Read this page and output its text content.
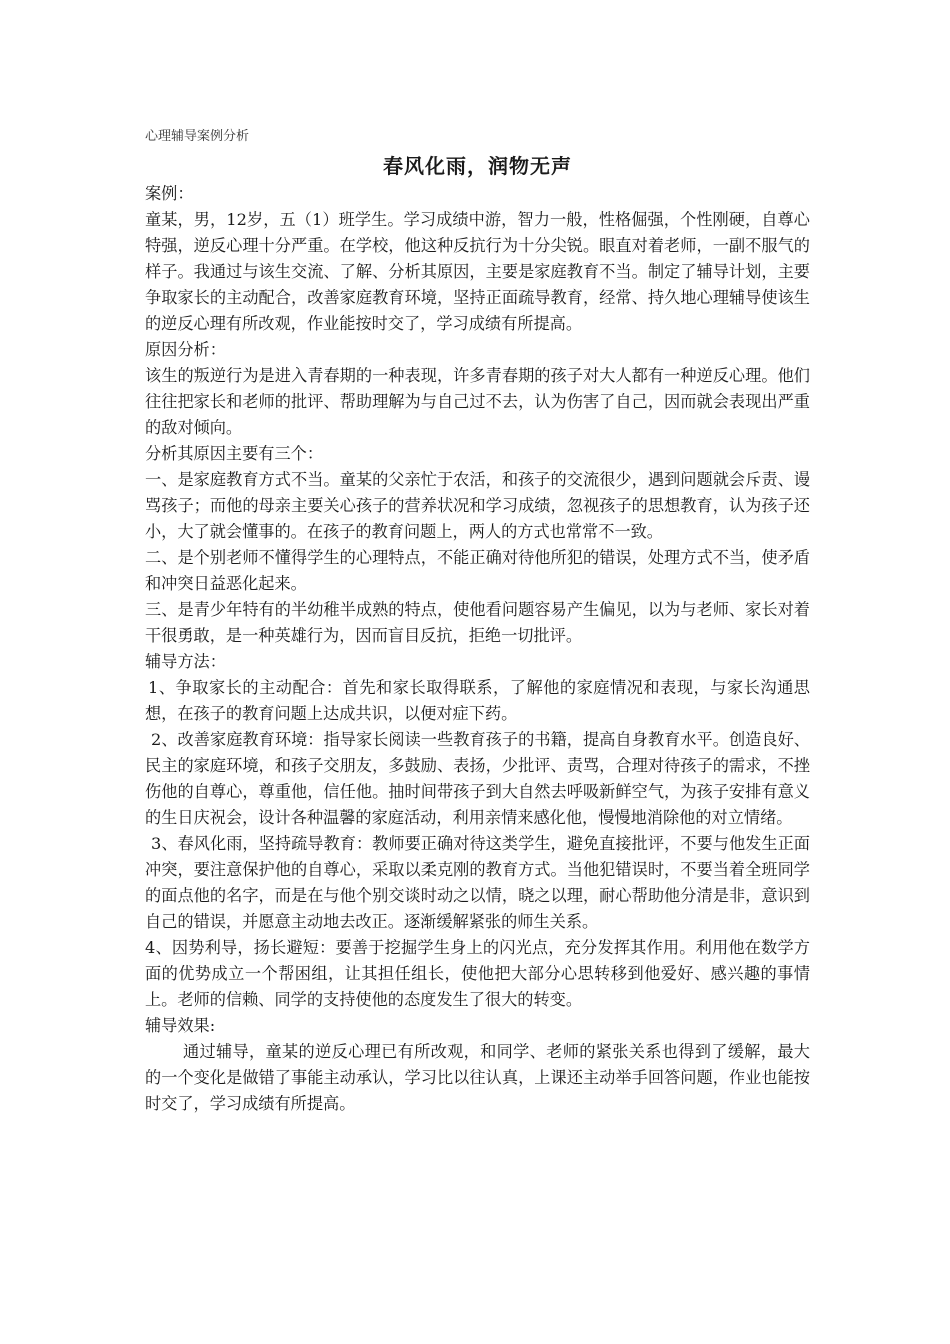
心理辅导案例分析

春风化雨，润物无声

案例：

童某，男，12岁，五（1）班学生。学习成绩中游，智力一般，性格倔强，个性刚硬，自尊心特强，逆反心理十分严重。在学校，他这种反抗行为十分尖锐。眼直对着老师，一副不服气的样子。我通过与该生交流、了解、分析其原因，主要是家庭教育不当。制定了辅导计划，主要争取家长的主动配合，改善家庭教育环境，坚持正面疏导教育，经常、持久地心理辅导使该生的逆反心理有所改观，作业能按时交了，学习成绩有所提高。

原因分析：

该生的叛逆行为是进入青春期的一种表现，许多青春期的孩子对大人都有一种逆反心理。他们往往把家长和老师的批评、帮助理解为与自己过不去，认为伤害了自己，因而就会表现出严重的敌对倾向。

分析其原因主要有三个：

一、是家庭教育方式不当。童某的父亲忙于农活，和孩子的交流很少，遇到问题就会斥责、谩骂孩子；而他的母亲主要关心孩子的营养状况和学习成绩，忽视孩子的思想教育，认为孩子还小，大了就会懂事的。在孩子的教育问题上，两人的方式也常常不一致。

二、是个别老师不懂得学生的心理特点，不能正确对待他所犯的错误，处理方式不当，使矛盾和冲突日益恶化起来。

三、是青少年特有的半幼稚半成熟的特点，使他看问题容易产生偏见，以为与老师、家长对着干很勇敢，是一种英雄行为，因而盲目反抗，拒绝一切批评。

辅导方法：

1、争取家长的主动配合：首先和家长取得联系，了解他的家庭情况和表现，与家长沟通思想，在孩子的教育问题上达成共识，以便对症下药。

2、改善家庭教育环境：指导家长阅读一些教育孩子的书籍，提高自身教育水平。创造良好、民主的家庭环境，和孩子交朋友，多鼓励、表扬，少批评、责骂，合理对待孩子的需求，不挫伤他的自尊心，尊重他，信任他。抽时间带孩子到大自然去呼吸新鲜空气，为孩子安排有意义的生日庆祝会，设计各种温馨的家庭活动，利用亲情来感化他，慢慢地消除他的对立情绪。

3、春风化雨，坚持疏导教育：教师要正确对待这类学生，避免直接批评，不要与他发生正面冲突，要注意保护他的自尊心，采取以柔克刚的教育方式。当他犯错误时，不要当着全班同学的面点他的名字，而是在与他个别交谈时动之以情，晓之以理，耐心帮助他分清是非，意识到自己的错误，并愿意主动地去改正。逐渐缓解紧张的师生关系。

4、因势利导，扬长避短：要善于挖掘学生身上的闪光点，充分发挥其作用。利用他在数学方面的优势成立一个帮困组，让其担任组长，使他把大部分心思转移到他爱好、感兴趣的事情上。老师的信赖、同学的支持使他的态度发生了很大的转变。

辅导效果:

通过辅导，童某的逆反心理已有所改观，和同学、老师的紧张关系也得到了缓解，最大的一个变化是做错了事能主动承认，学习比以往认真，上课还主动举手回答问题，作业也能按时交了，学习成绩有所提高。
